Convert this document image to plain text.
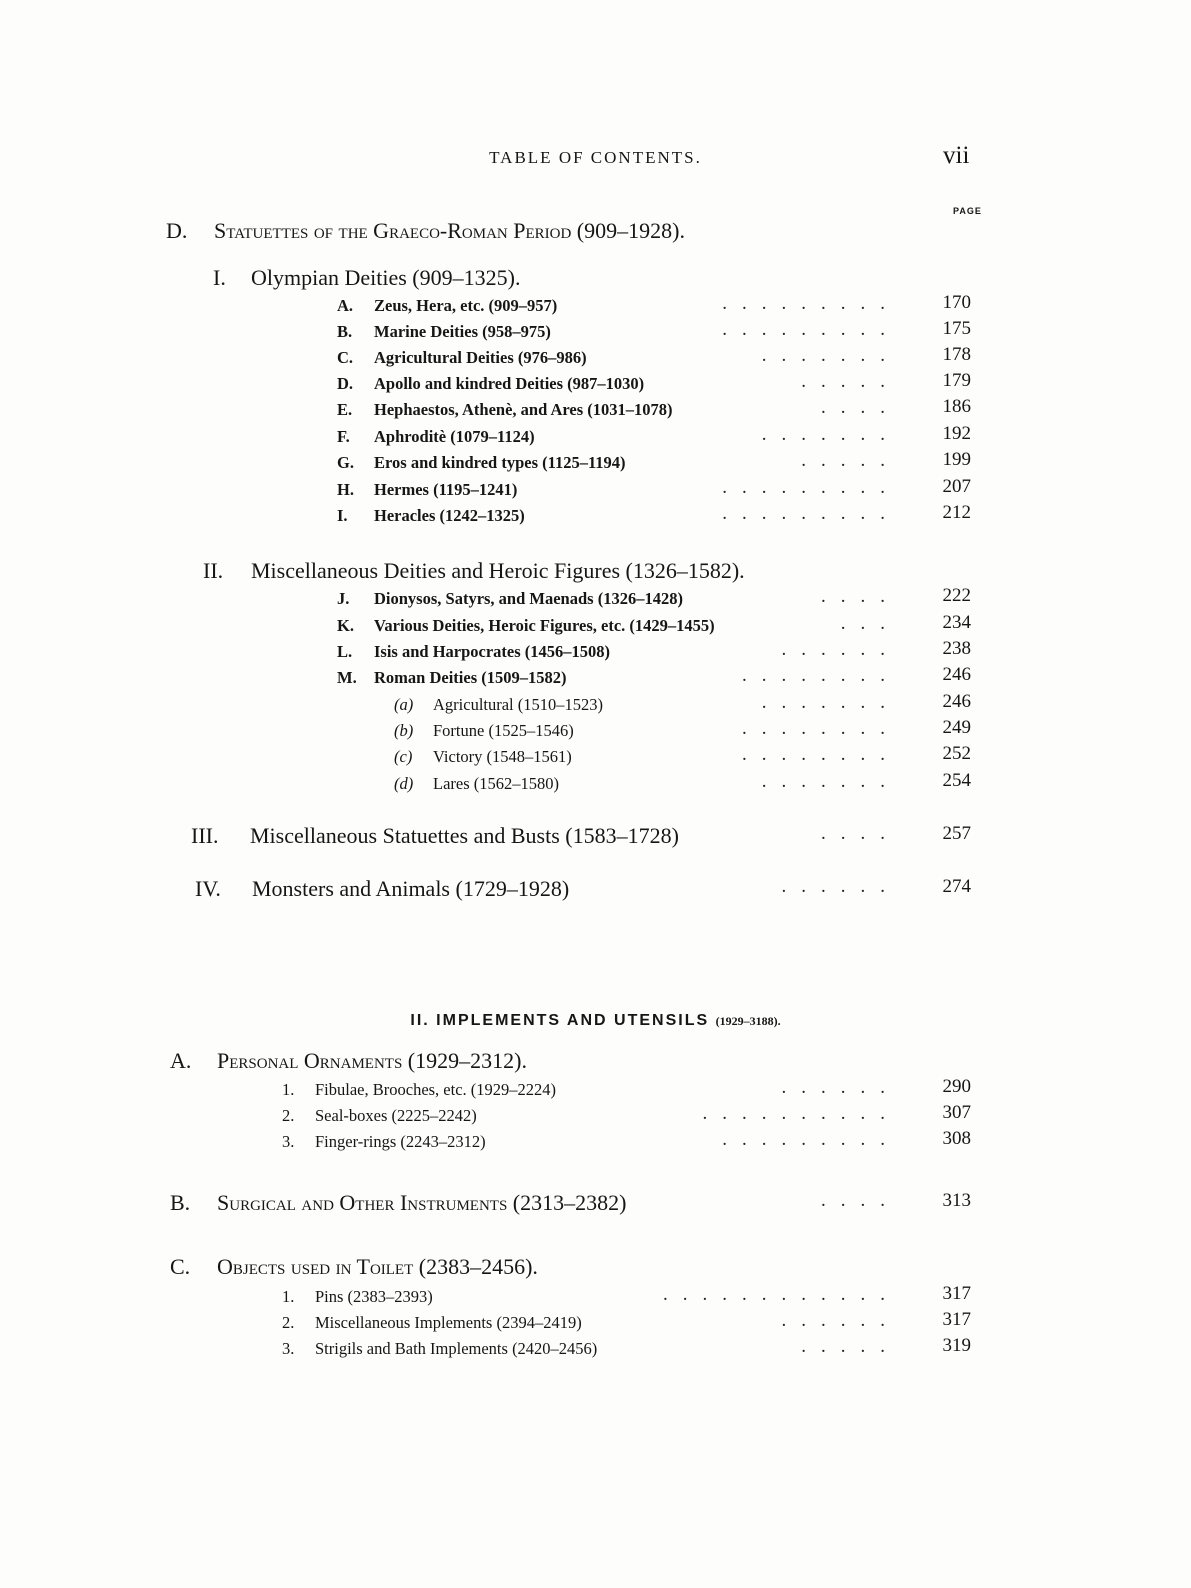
TABLE OF CONTENTS.	vii
PAGE
D. Statuettes of the Graeco-Roman Period (909–1928).
I. Olympian Deities (909–1325).
A. Zeus, Hera, etc. (909–957)	.........	170
B. Marine Deities (958–975)	.........	175
C. Agricultural Deities (976–986)	.......	178
D. Apollo and kindred Deities (987–1030)	.....	179
E. Hephaestos, Athenè, and Ares (1031–1078)	....	186
F. Aphroditè (1079–1124)	.......	192
G. Eros and kindred types (1125–1194)	.....	199
H. Hermes (1195–1241)	.........	207
I. Heracles (1242–1325)	.........	212
II. Miscellaneous Deities and Heroic Figures (1326–1582).
J. Dionysos, Satyrs, and Maenads (1326–1428)	....	222
K. Various Deities, Heroic Figures, etc. (1429–1455)	...	234
L. Isis and Harpocrates (1456–1508)	......	238
M. Roman Deities (1509–1582)	........	246
(a) Agricultural (1510–1523)	.......	246
(b) Fortune (1525–1546)	........	249
(c) Victory (1548–1561)	........	252
(d) Lares (1562–1580)	.......	254
III. Miscellaneous Statuettes and Busts (1583–1728)	....	257
IV. Monsters and Animals (1729–1928)	......	274
II. IMPLEMENTS AND UTENSILS (1929–3188).
A. Personal Ornaments (1929–2312).
1. Fibulae, Brooches, etc. (1929–2224)	......	290
2. Seal-boxes (2225–2242)	..........	307
3. Finger-rings (2243–2312)	.........	308
B. Surgical and Other Instruments (2313–2382)	....	313
C. Objects used in Toilet (2383–2456).
1. Pins (2383–2393)	............	317
2. Miscellaneous Implements (2394–2419)	......	317
3. Strigils and Bath Implements (2420–2456)	.....	319
